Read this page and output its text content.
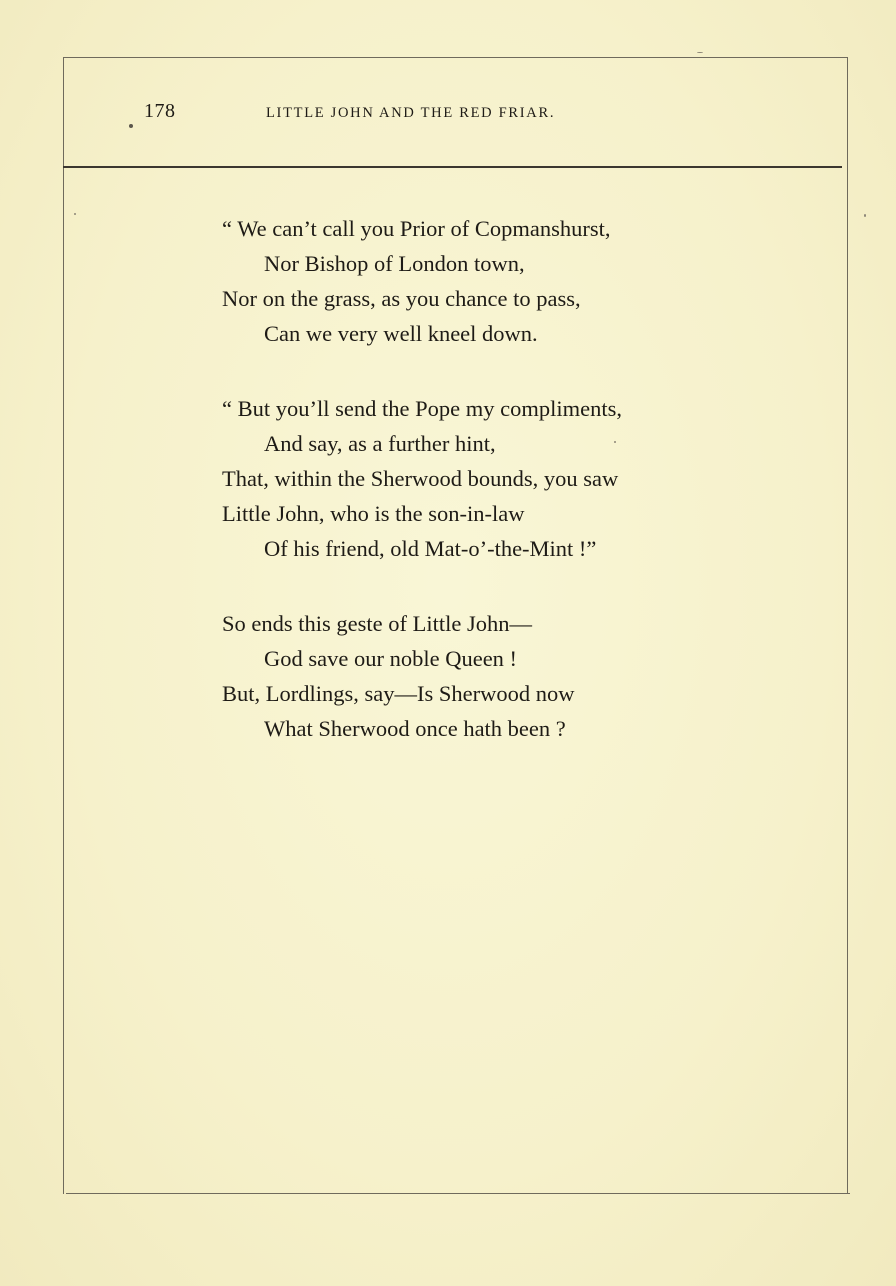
178	LITTLE JOHN AND THE RED FRIAR.
“ We can’t call you Prior of Copmanshurst,
Nor Bishop of London town,
Nor on the grass, as you chance to pass,
Can we very well kneel down.
“ But you’ll send the Pope my compliments,
And say, as a further hint,
That, within the Sherwood bounds, you saw
Little John, who is the son-in-law
Of his friend, old Mat-o’-the-Mint !”
So ends this geste of Little John—
God save our noble Queen !
But, Lordlings, say—Is Sherwood now
What Sherwood once hath been ?
